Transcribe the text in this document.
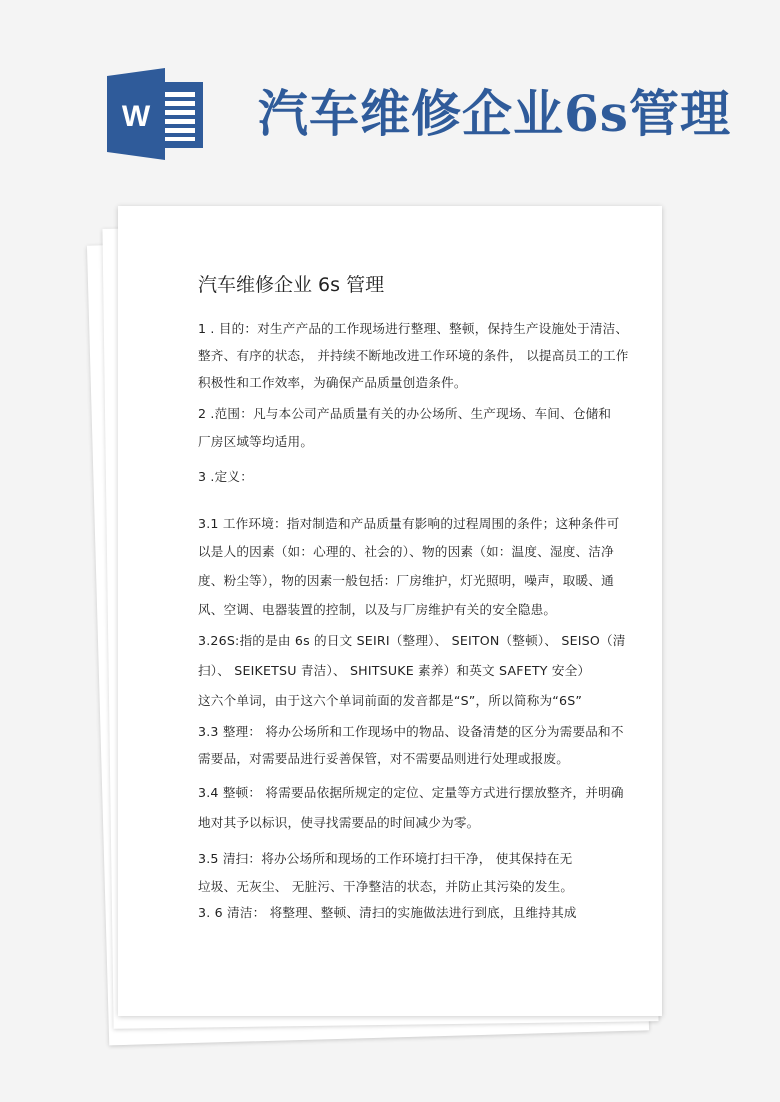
W 汽车维修企业6s管理
汽车维修企业 6s 管理
1 . 目的：对生产产品的工作现场进行整理、整顿，保持生产设施处于清洁、
整齐、有序的状态， 并持续不断地改进工作环境的条件， 以提高员工的工作
积极性和工作效率，为确保产品质量创造条件。
2 .范围：凡与本公司产品质量有关的办公场所、生产现场、车间、仓储和
厂房区域等均适用。
3 .定义：
3.1 工作环境：指对制造和产品质量有影响的过程周围的条件；这种条件可
以是人的因素（如：心理的、社会的）、物的因素（如：温度、湿度、洁净
度、粉尘等），物的因素一般包括：厂房维护，灯光照明，噪声，取暖、通
风、空调、电器装置的控制，以及与厂房维护有关的安全隐患。
3.26S:指的是由 6s 的日文 SEIRI（整理）、 SEITON（整顿）、 SEISO（清
扫）、 SEIKETSU 青洁）、 SHITSUKE 素养）和英文 SAFETY 安全）
这六个单词，由于这六个单词前面的发音都是“S”，所以简称为“6S”
3.3 整理： 将办公场所和工作现场中的物品、设备清楚的区分为需要品和不
需要品，对需要品进行妥善保管，对不需要品则进行处理或报废。
3.4 整顿： 将需要品依据所规定的定位、定量等方式进行摆放整齐，并明确
地对其予以标识，使寻找需要品的时间减少为零。
3.5 清扫：将办公场所和现场的工作环境打扫干净， 使其保持在无
垃圾、无灰尘、 无脏污、干净整洁的状态，并防止其污染的发生。
3. 6 清洁： 将整理、整顿、清扫的实施做法进行到底，且维持其成
